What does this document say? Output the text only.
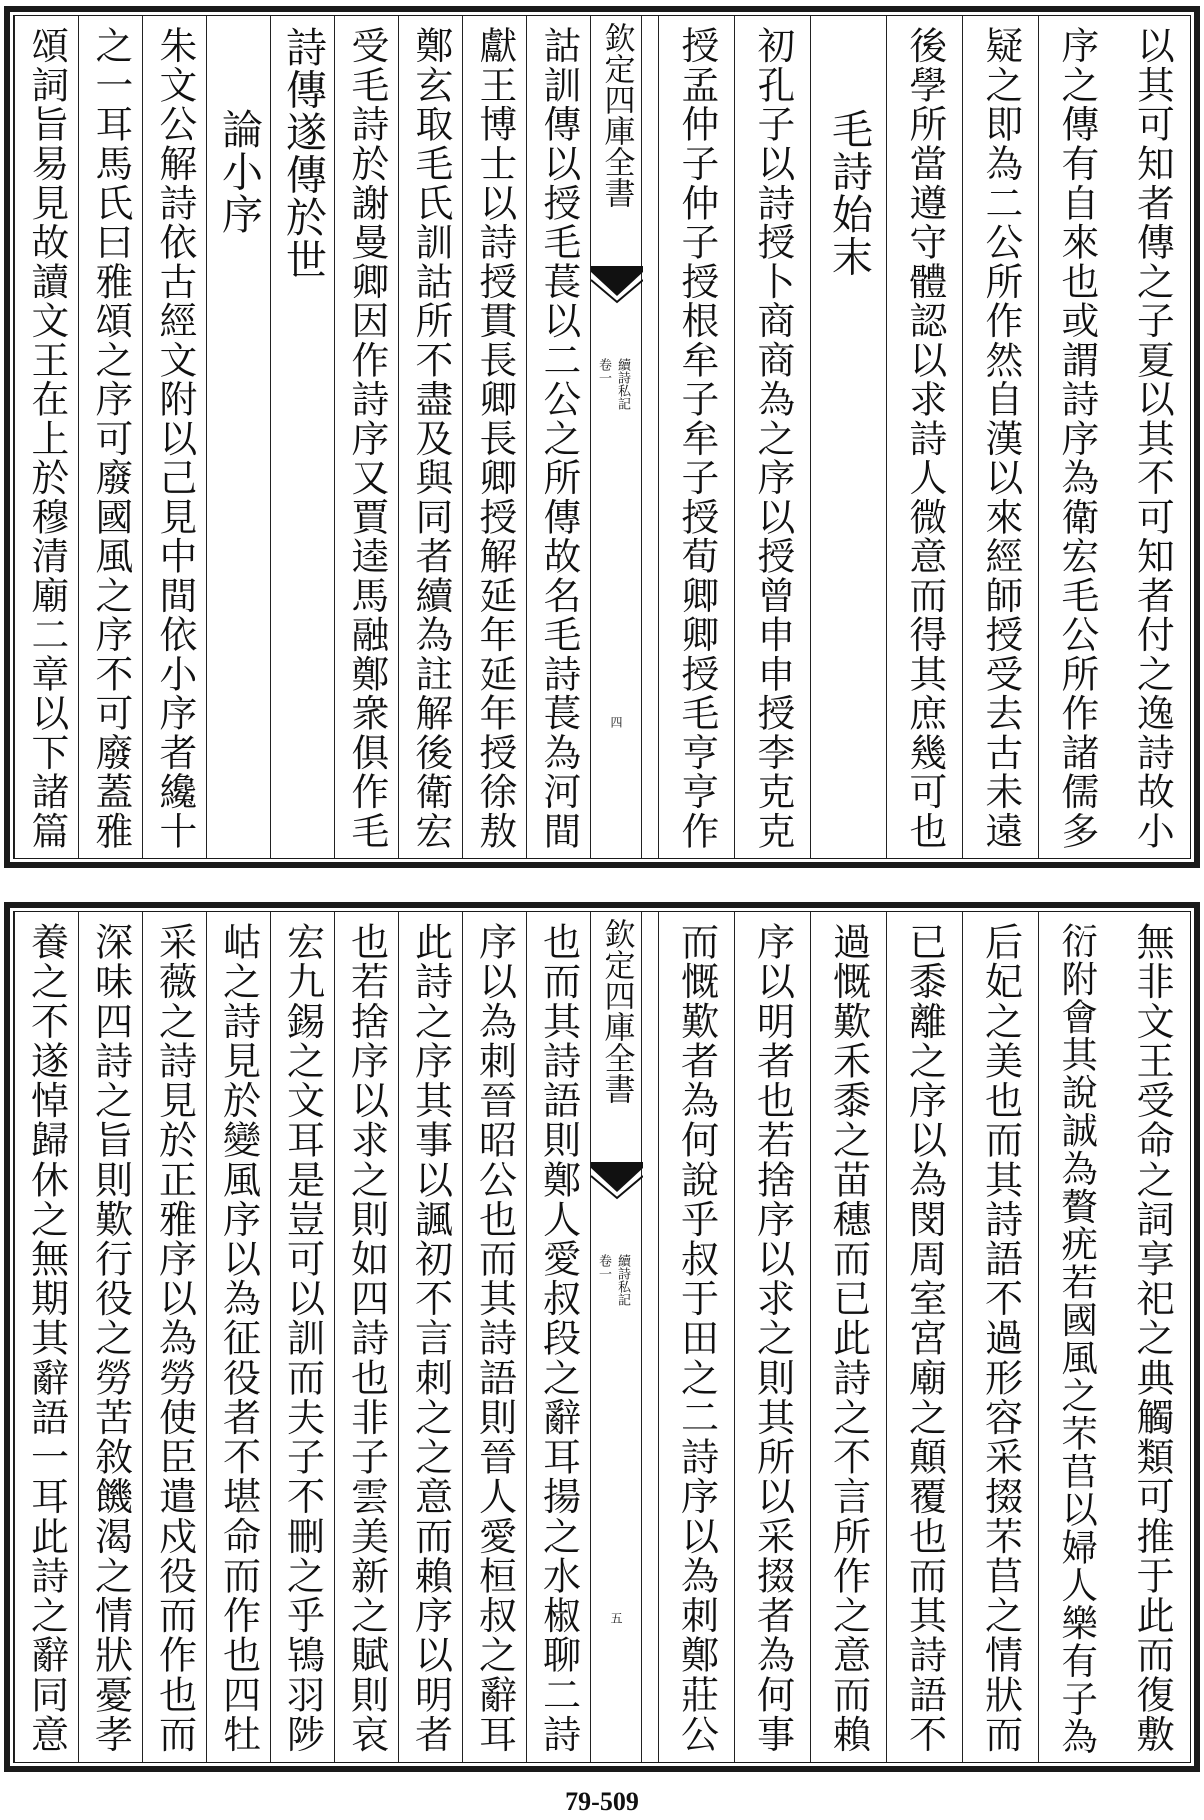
以其可知者傳之子夏以其不可知者付之逸詩故小
序之傳有自來也或謂詩序為衛宏毛公所作諸儒多
疑之即為二公所作然自漢以來經師授受去古未遠
後學所當遵守體認以求詩人微意而得其庶幾可也
毛詩始末
初孔子以詩授卜商商為之序以授曾申申授李克克
授孟仲子仲子授根牟子牟子授荀卿卿授毛亨亨作
欽定四庫全書
續詩私記
卷一
四
詁訓傳以授毛萇以二公之所傳故名毛詩萇為河間
獻王博士以詩授貫長卿長卿授解延年延年授徐敖
鄭玄取毛氏訓詁所不盡及與同者續為註解後衛宏
受毛詩於謝曼卿因作詩序又賈逵馬融鄭衆俱作毛
詩傳遂傳於世
論小序
朱文公解詩依古經文附以己見中間依小序者纔十
之一耳馬氏曰雅頌之序可廢國風之序不可廢蓋雅
頌詞旨易見故讀文王在上於穆清廟二章以下諸篇
無非文王受命之詞享祀之典觸類可推于此而復敷
衍附會其說誠為贅疣若國風之芣苢以婦人樂有子為
后妃之美也而其詩語不過形容采掇芣苢之情狀而
已黍離之序以為閔周室宮廟之顛覆也而其詩語不
過慨歎禾黍之苗穗而已此詩之不言所作之意而賴
序以明者也若捨序以求之則其所以采掇者為何事
而慨歎者為何說乎叔于田之二詩序以為刺鄭莊公
欽定四庫全書
續詩私記
卷一
五
也而其詩語則鄭人愛叔段之辭耳揚之水椒聊二詩
序以為刺晉昭公也而其詩語則晉人愛桓叔之辭耳
此詩之序其事以諷初不言刺之之意而賴序以明者
也若捨序以求之則如四詩也非子雲美新之賦則哀
宏九錫之文耳是豈可以訓而夫子不刪之乎鴇羽陟
岵之詩見於變風序以為征役者不堪命而作也四牡
采薇之詩見於正雅序以為勞使臣遣戍役而作也而
深味四詩之旨則歎行役之勞苦敘饑渴之情狀憂孝
養之不遂悼歸休之無期其辭語一耳此詩之辭同意
79-509
